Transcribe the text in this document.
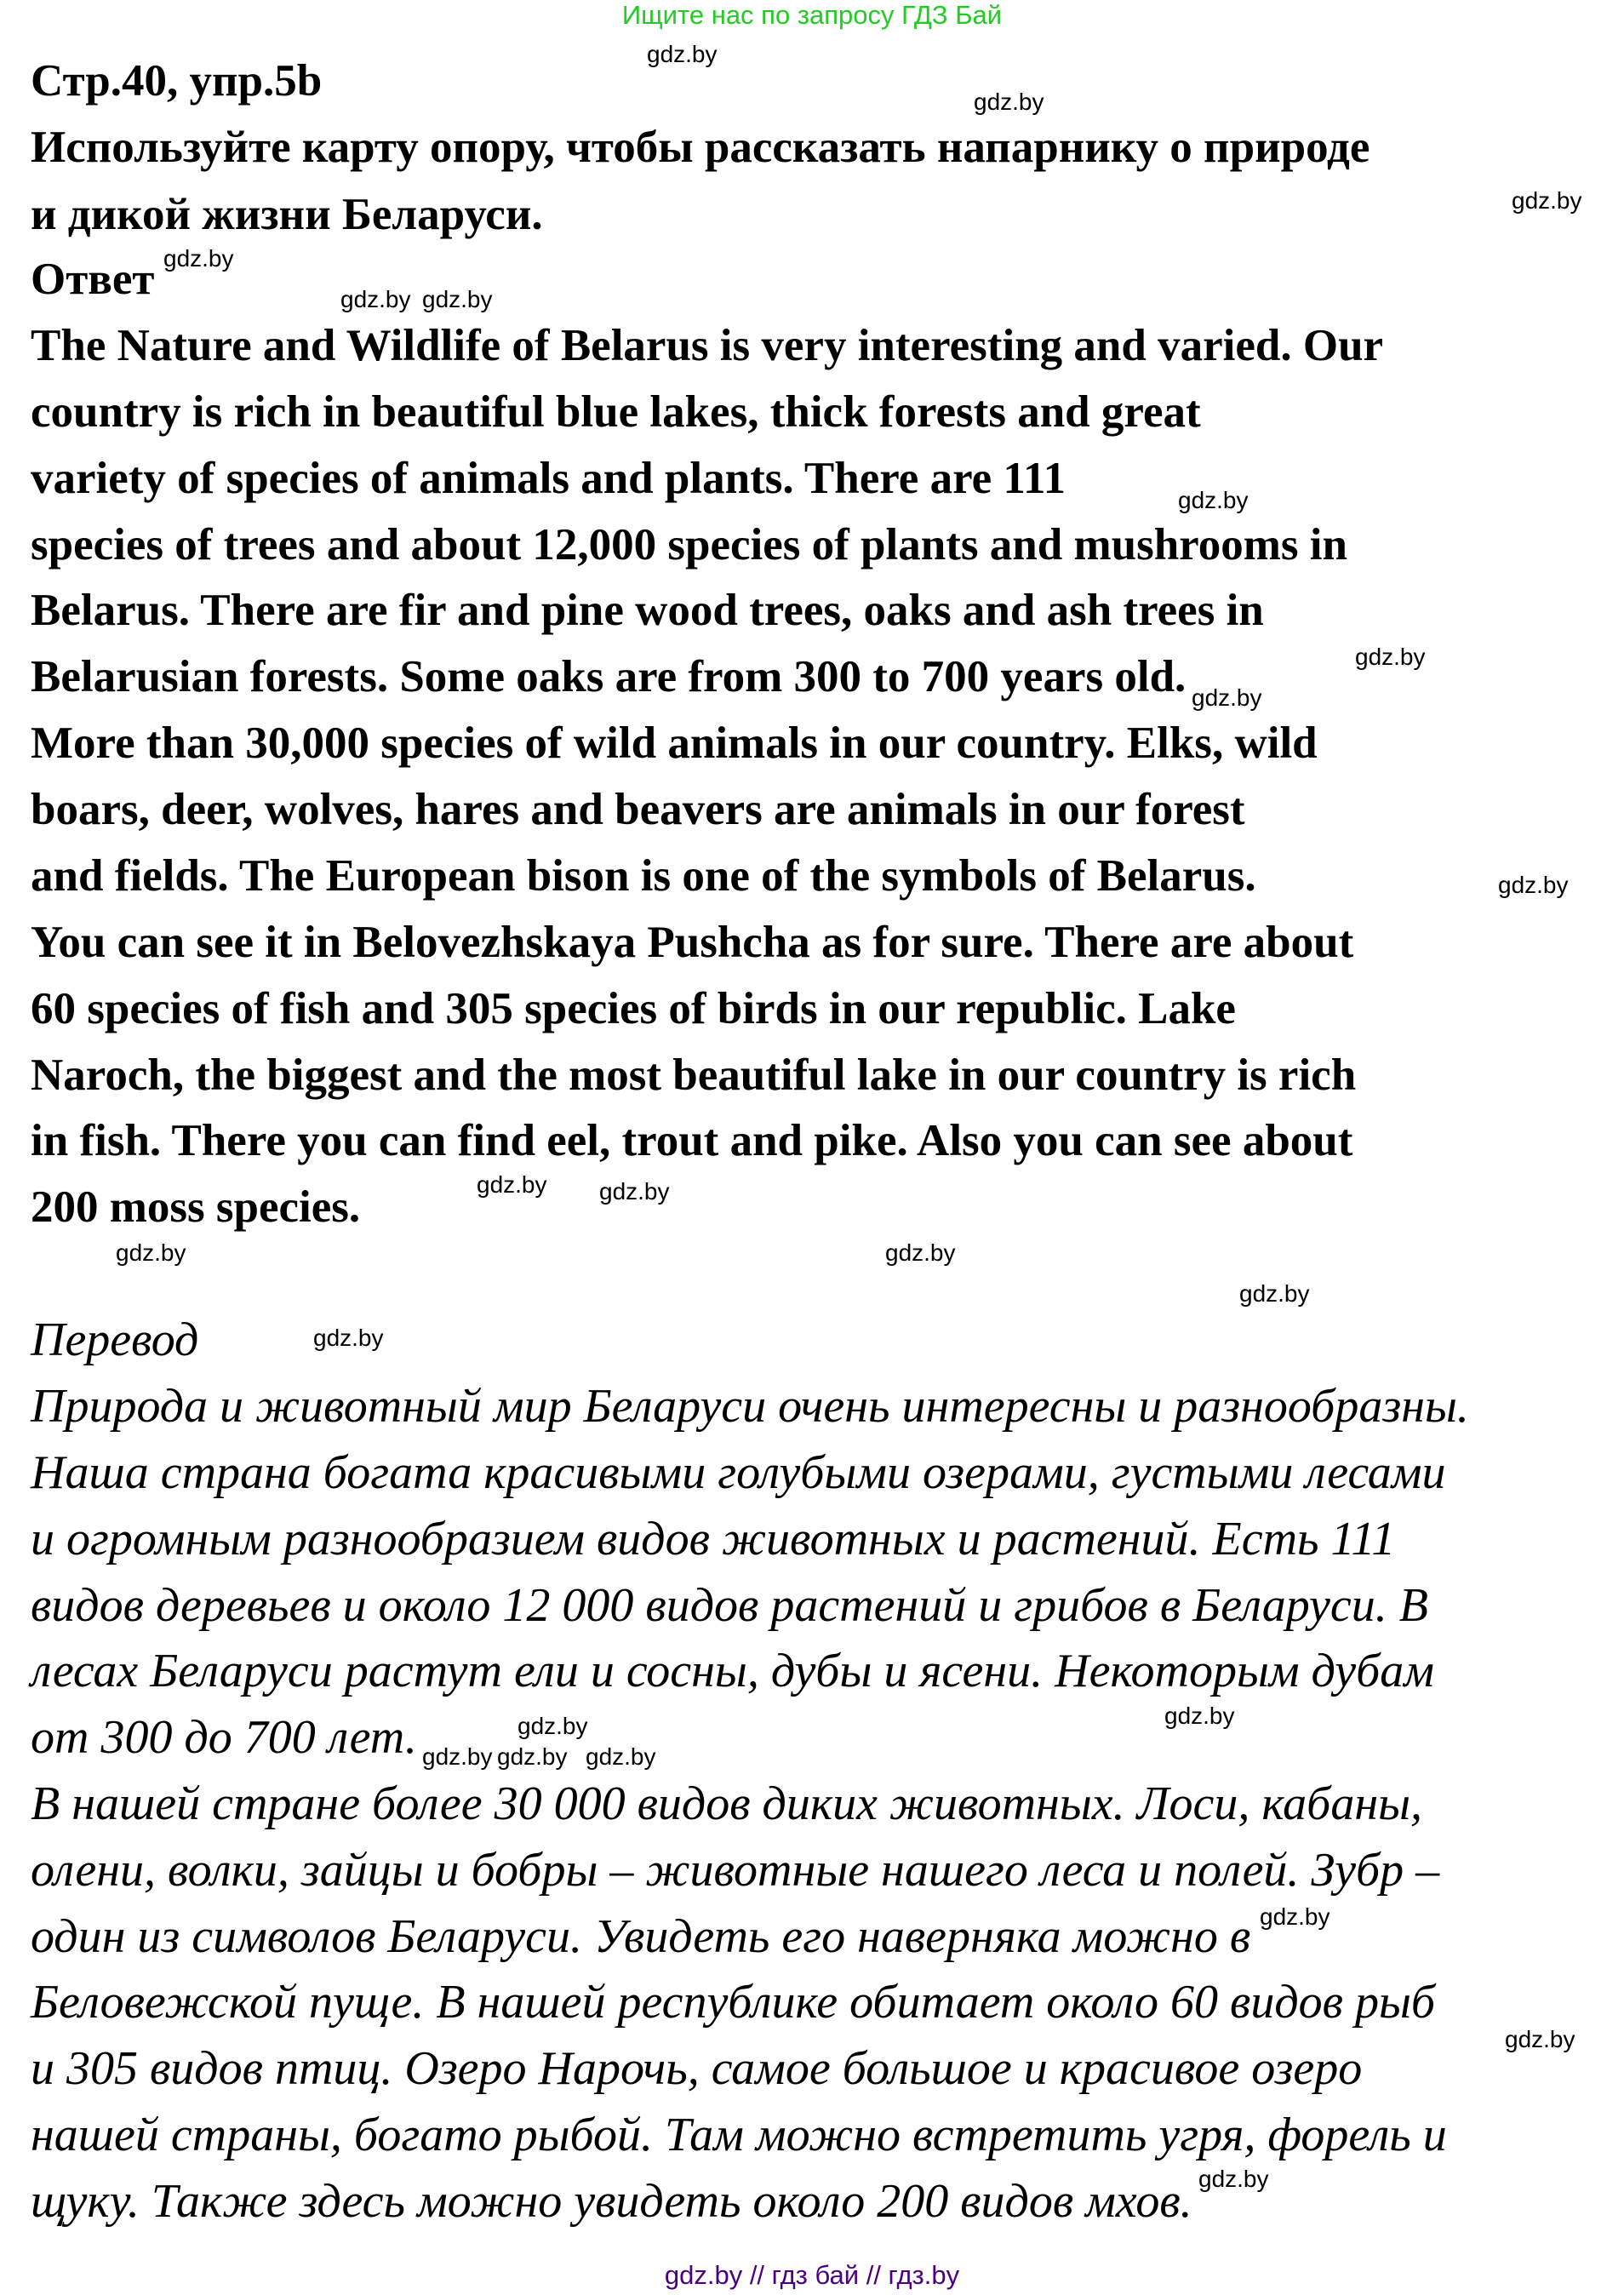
Ищите нас по запросу ГДЗ Бай
Стр.40, упр.5b
Используйте карту опору, чтобы рассказать напарнику о природе
и дикой жизни Беларуси.
Ответ
The Nature and Wildlife of Belarus is very interesting and varied. Our
country is rich in beautiful blue lakes, thick forests and great
variety of species of animals and plants. There are 111
species of trees and about 12,000 species of plants and mushrooms in
Belarus. There are fir and pine wood trees, oaks and ash trees in
Belarusian forests. Some oaks are from 300 to 700 years old.
More than 30,000 species of wild animals in our country. Elks, wild
boars, deer, wolves, hares and beavers are animals in our forest
and fields. The European bison is one of the symbols of Belarus.
You can see it in Belovezhskaya Pushcha as for sure. There are about
60 species of fish and 305 species of birds in our republic. Lake
Naroch, the biggest and the most beautiful lake in our country is rich
in fish. There you can find eel, trout and pike. Also you can see about
200 moss species.
Перевод
Природа и животный мир Беларуси очень интересны и разнообразны.
Наша страна богата красивыми голубыми озерами, густыми лесами
и огромным разнообразием видов животных и растений. Есть 111
видов деревьев и около 12 000 видов растений и грибов в Беларуси. В
лесах Беларуси растут ели и сосны, дубы и ясени. Некоторым дубам
от 300 до 700 лет.
В нашей стране более 30 000 видов диких животных. Лоси, кабаны,
олени, волки, зайцы и бобры – животные нашего леса и полей. Зубр –
один из символов Беларуси. Увидеть его наверняка можно в
Беловежской пуще. В нашей республике обитает около 60 видов рыб
и 305 видов птиц. Озеро Нарочь, самое большое и красивое озеро
нашей страны, богато рыбой. Там можно встретить угря, форель и
щуку. Также здесь можно увидеть около 200 видов мхов.
gdz.by
gdz.by
gdz.by
gdz.by
gdz.by
gdz.by
gdz.by
gdz.by
gdz.by
gdz.by
gdz.by
gdz.by
gdz.by
gdz.by
gdz.by
gdz.by
gdz.by
gdz.by
gdz.by
gdz.by
gdz.by
gdz.by
gdz.by
gdz.by
gdz.by // гдз бай // гдз.by
